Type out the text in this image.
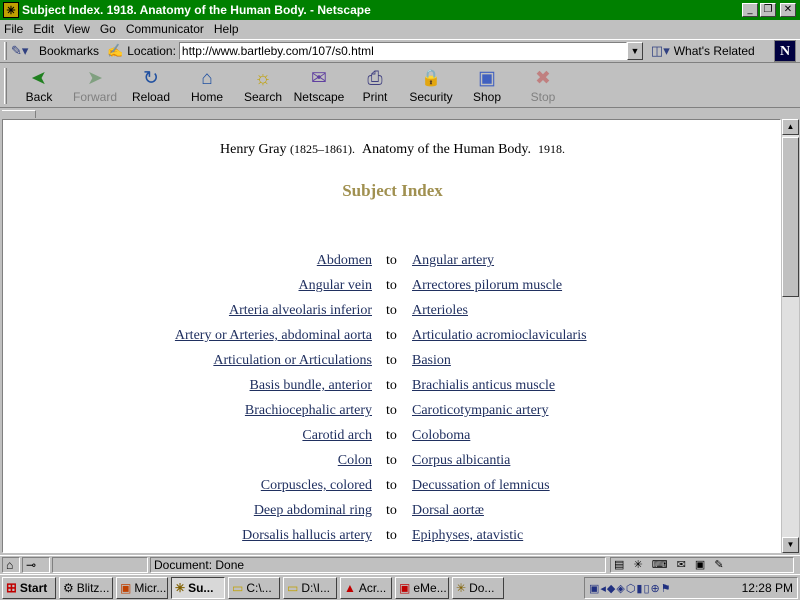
✳ Subject Index. 1918. Anatomy of the Human Body. - Netscape	_	❐	✕
File Edit View Go Communicator Help
✎▾ Bookmarks ✍ Location: http://www.bartleby.com/107/s0.html	▼ ◫▾ What's Related	N
➤
Back
➤
Forward
↻
Reload
⌂
Home
☼
Search
✉
Netscape
⎙
Print
🔒
Security
▣
Shop
✖
Stop
Henry Gray (1825–1861). Anatomy of the Human Body. 1918.
Subject Index
Abdomen to Angular artery
Angular vein to Arrectores pilorum muscle
Arteria alveolaris inferior to Arterioles
Artery or Arteries, abdominal aorta to Articulatio acromioclavicularis
Articulation or Articulations to Basion
Basis bundle, anterior to Brachialis anticus muscle
Brachiocephalic artery to Caroticotympanic artery
Carotid arch to Coloboma
Colon to Corpus albicantia
Corpuscles, colored to Decussation of lemnicus
Deep abdominal ring to Dorsal aortæ
Dorsalis hallucis artery to Epiphyses, atavistic
▲
▼
⌂	⊸	Document: Done	▤ ✳ ⌨ ✉ ▣ ✎
⊞ Start ⚙ Blitz... ▣ Micr... ✳ Su... ▭ C:\... ▭ D:\I... ▲ Acr... ▣ eMe... ✳ Do...	▣◂◆◈⬡▮▯⊕⚑	12:28 PM
